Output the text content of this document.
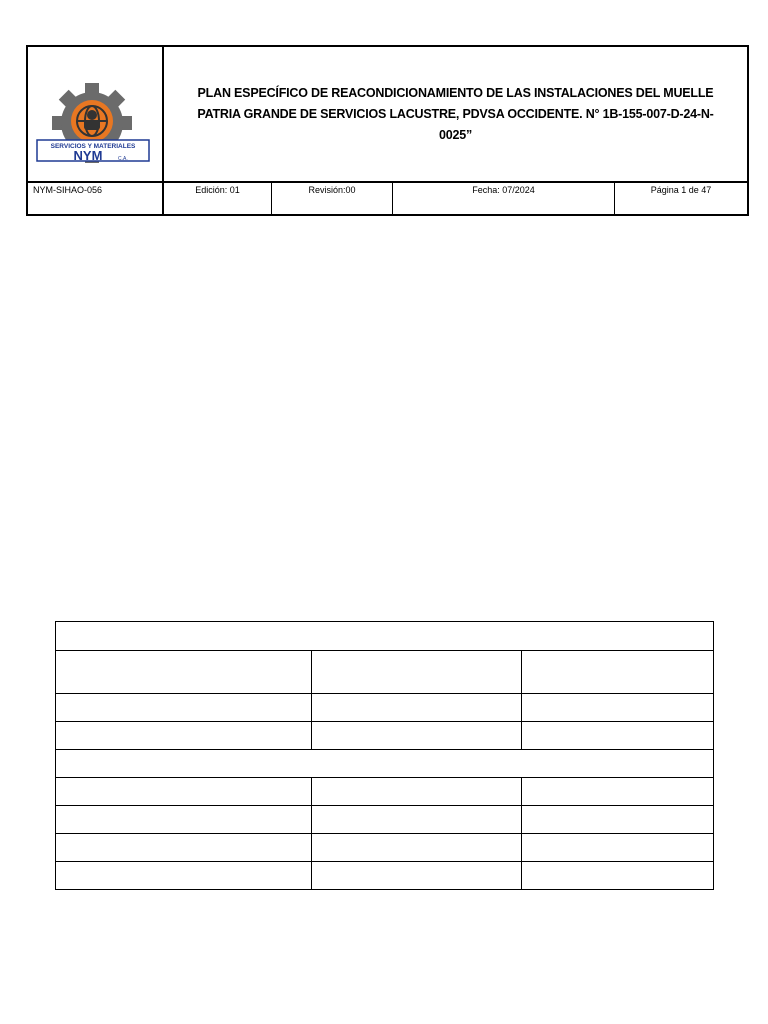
SERVICIOS Y MATERIALES
NYM	C.A.
PLAN ESPECÍFICO DE REACONDICIONAMIENTO DE LAS INSTALACIONES DEL MUELLE PATRIA GRANDE DE SERVICIOS LACUSTRE, PDVSA OCCIDENTE. N° 1B-155-007-D-24-N-0025”
NYM-SIHAO-056	Edición: 01	Revisión:00	Fecha: 07/2024	Página 1 de 47
